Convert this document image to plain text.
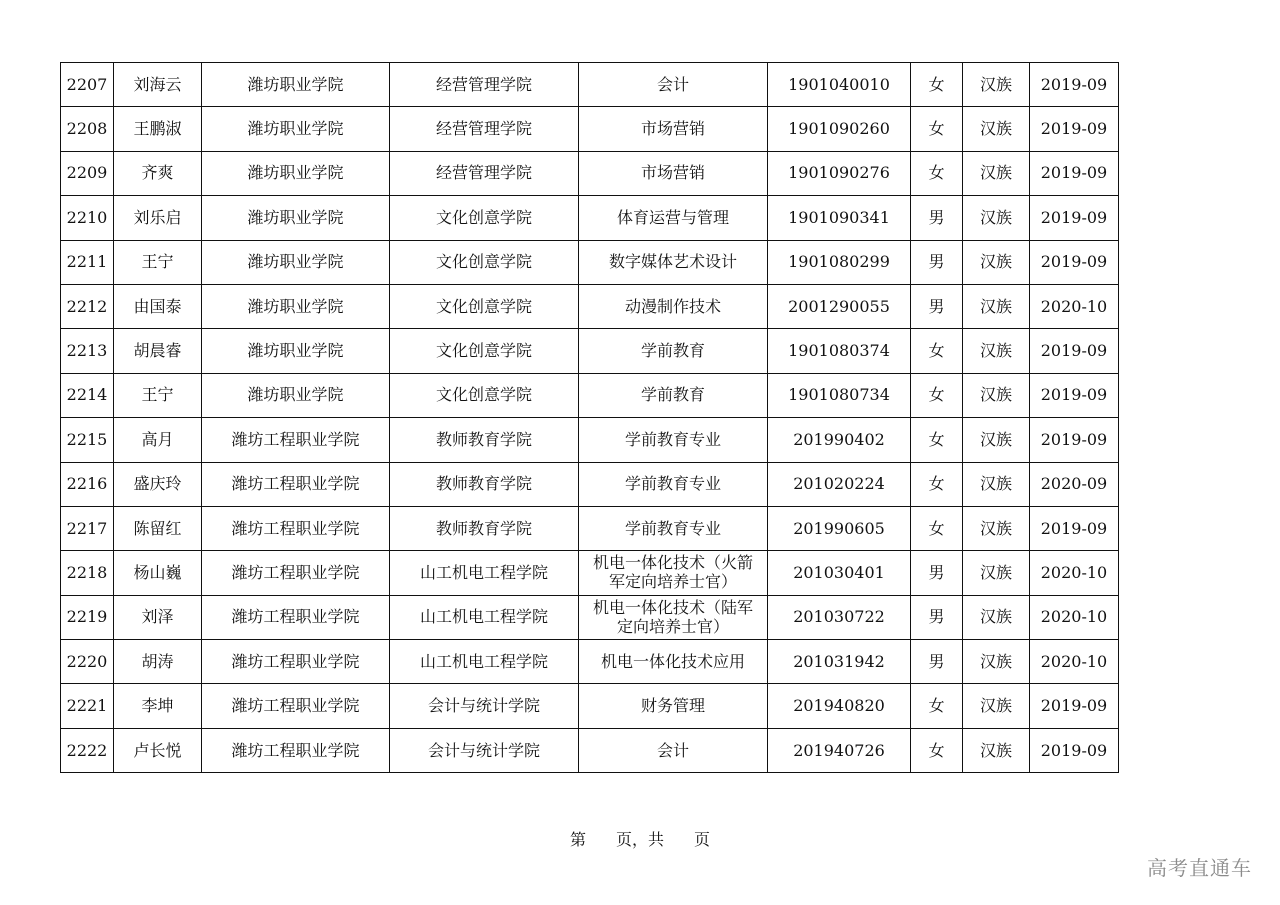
2207	刘海云	潍坊职业学院	经营管理学院	会计	1901040010	女	汉族	2019-09
2208	王鹏淑	潍坊职业学院	经营管理学院	市场营销	1901090260	女	汉族	2019-09
2209	齐爽	潍坊职业学院	经营管理学院	市场营销	1901090276	女	汉族	2019-09
2210	刘乐启	潍坊职业学院	文化创意学院	体育运营与管理	1901090341	男	汉族	2019-09
2211	王宁	潍坊职业学院	文化创意学院	数字媒体艺术设计	1901080299	男	汉族	2019-09
2212	由国泰	潍坊职业学院	文化创意学院	动漫制作技术	2001290055	男	汉族	2020-10
2213	胡晨睿	潍坊职业学院	文化创意学院	学前教育	1901080374	女	汉族	2019-09
2214	王宁	潍坊职业学院	文化创意学院	学前教育	1901080734	女	汉族	2019-09
2215	高月	潍坊工程职业学院	教师教育学院	学前教育专业	201990402	女	汉族	2019-09
2216	盛庆玲	潍坊工程职业学院	教师教育学院	学前教育专业	201020224	女	汉族	2020-09
2217	陈留红	潍坊工程职业学院	教师教育学院	学前教育专业	201990605	女	汉族	2019-09
2218	杨山巍	潍坊工程职业学院	山工机电工程学院	机电一体化技术（火箭
军定向培养士官）	201030401	男	汉族	2020-10
2219	刘泽	潍坊工程职业学院	山工机电工程学院	机电一体化技术（陆军
定向培养士官）	201030722	男	汉族	2020-10
2220	胡涛	潍坊工程职业学院	山工机电工程学院	机电一体化技术应用	201031942	男	汉族	2020-10
2221	李坤	潍坊工程职业学院	会计与统计学院	财务管理	201940820	女	汉族	2019-09
2222	卢长悦	潍坊工程职业学院	会计与统计学院	会计	201940726	女	汉族	2019-09
第 页，共 页
高考直通车
